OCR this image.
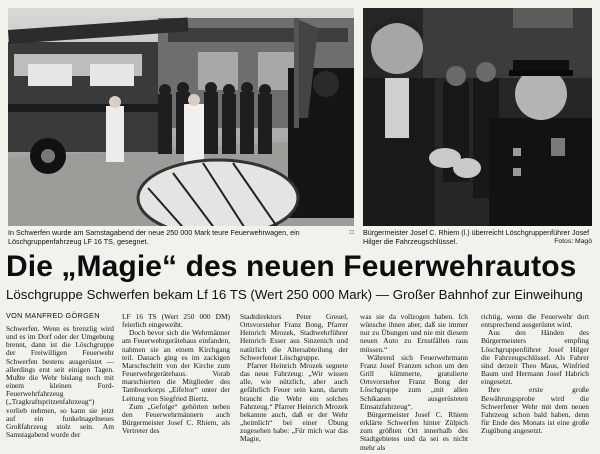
□
In Schwerfen wurde am Samstagabend der neue 250 000 Mark teure Feuerwehrwagen, ein Löschgruppenfahrzeug LF 16 TS, gesegnet.
Bürgermeister Josef C. Rhiem (l.) überreicht Löschgruppenführer Josef Hilger die Fahrzeugschlüssel.	Fotos: Magö
Die „Magie“ des neuen Feuerwehrautos
Löschgruppe Schwerfen bekam Lf 16 TS (Wert 250 000 Mark) — Großer Bahnhof zur Einweihung
VON MANFRED GÖRGEN

Schwerfen. Wenn es brenzlig wird und es im Dorf oder der Umgebung brennt, dann ist die Löschgruppe der Freiwilligen Feuerwehr Schwerfen bestens ausgerüstet — allerdings erst seit einigen Tagen. Mußte die Wehr bislang noch mit einem kleinen Ford-Feuerwehrfahrzeug („Tragkraftspritzenfahrzeug“) vorlieb nehmen, so kann sie jetzt auf ein funkelnagelneues Großfahrzeug stolz sein. Am Samstagabend wurde der

LF 16 TS (Wert 250 000 DM) feierlich eingeweiht.

Doch bevor sich die Wehrmänner am Feuerwehrgerätehaus einfanden, nahmen sie an einem Kirchgang teil. Danach ging es im zackigen Marschschritt von der Kirche zum Feuerwehrgerätehaus. Vorab marschierten die Mitglieder des Tambourkorps „Eifeltor“ unter der Leitung von Siegfried Biertz.

Zum „Gefolge“ gehörten neben den Feuerwehrmännern auch Bürgermeister Josef C. Rhiem, als Vertreter des

Stadtdirektors Peter Greuel, Ortsvorsteher Franz Bong, Pfarrer Heinrich Mrozek, Stadtwehrführer Heinrich Esser aus Sinzenich und natürlich die Altersabteilung der Schwerfener Löschgruppe.

Pfarrer Heinrich Mrozek segnete das neue Fahrzeug: „Wir wissen alle, wie nützlich, aber auch gefährlich Feuer sein kann, darum braucht die Wehr ein solches Fahrzeug.“ Pfarrer Heinrich Mrozek bekannte auch, daß er der Wehr „heimlich“ bei einer Übung zugesehen habe: „Für mich war das Magie,

was sie da vollzogen haben. Ich wünsche ihnen aber, daß sie immer nur zu Übungen und nie mit diesem neuen Auto zu Ernstfällen raus müssen.“

Während sich Feuerwehrmann Franz Josef Franzen schon um den Grill kümmerte, gratulierte Ortsvorsteher Franz Bong der Löschgruppe zum „mit allen Schikanen ausgerüsteten Einsatzfahrzeug“.

Bürgermeister Josef C. Rhiem erklärte Schwerfen hinter Zülpich zum größten Ort innerhalb des Stadtgebietes und da sei es nicht mehr als

richtig, wenn die Feuerwehr dort entsprechend ausgerüstet wird.

Aus den Händen des Bürgermeisters empfing Löschgruppenführer Josef Hilger die Fahrzeugschlüssel. Als Fahrer sind derzeit Theo Maus, Winfried Baum und Hermann Josef Habrich eingesetzt.

Ihre erste große Bewährungsprobe wird die Schwerfener Wehr mit dem neuen Fahrzeug schon bald haben, denn für Ende des Monats ist eine große Zugübung angesetzt.
